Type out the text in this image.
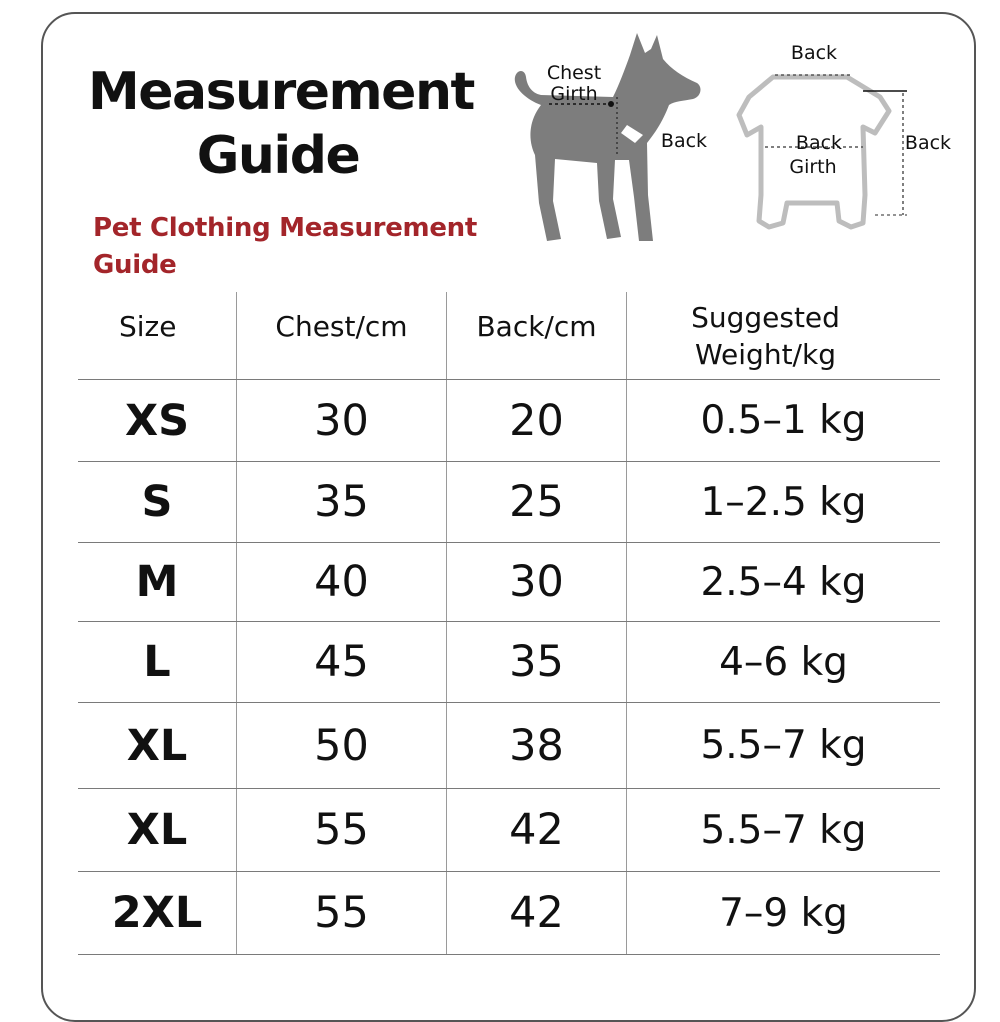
Measurement
Guide

Pet Clothing Measurement Guide

Chest
Girth
Back
Back
Back
Girth
Back
Size	Chest/cm	Back/cm	Suggested Weight/kg
XS	30	20	0.5–1 kg
S	35	25	1–2.5 kg
M	40	30	2.5–4 kg
L	45	35	4–6 kg
XL	50	38	5.5–7 kg
XL	55	42	5.5–7 kg
2XL	55	42	7–9 kg
